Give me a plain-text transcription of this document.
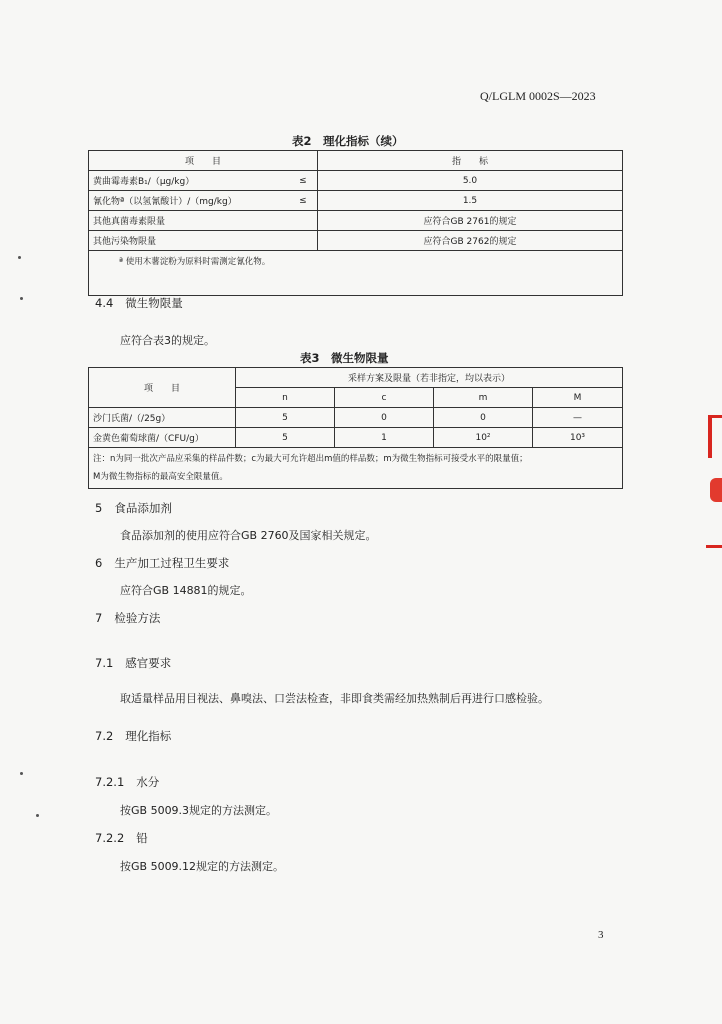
Q/LGLM 0002S—2023
表2　理化指标（续）
项　　目		指　　标
黄曲霉毒素B₁/（μg/kg）	≤	5.0
氰化物ª（以氢氰酸计）/（mg/kg）	≤	1.5
其他真菌毒素限量		应符合GB 2761的规定
其他污染物限量		应符合GB 2762的规定
ª 使用木薯淀粉为原料时需测定氰化物。		
4.4 微生物限量
应符合表3的规定。
表3　微生物限量
项　　目	采样方案及限量（若非指定，均以表示）			
	n	c	m	M
沙门氏菌/（/25g）	5	0	0	—
金黄色葡萄球菌/（CFU/g）	5	1	10²	10³

注：n为同一批次产品应采集的样品件数；c为最大可允许超出m值的样品数；m为微生物指标可接受水平的限量值；
M为微生物指标的最高安全限量值。				
5 食品添加剂
食品添加剂的使用应符合GB 2760及国家相关规定。
6 生产加工过程卫生要求
应符合GB 14881的规定。
7 检验方法
7.1 感官要求
取适量样品用目视法、鼻嗅法、口尝法检查，非即食类需经加热熟制后再进行口感检验。
7.2 理化指标
7.2.1 水分
按GB 5009.3规定的方法测定。
7.2.2 铅
按GB 5009.12规定的方法测定。
3
